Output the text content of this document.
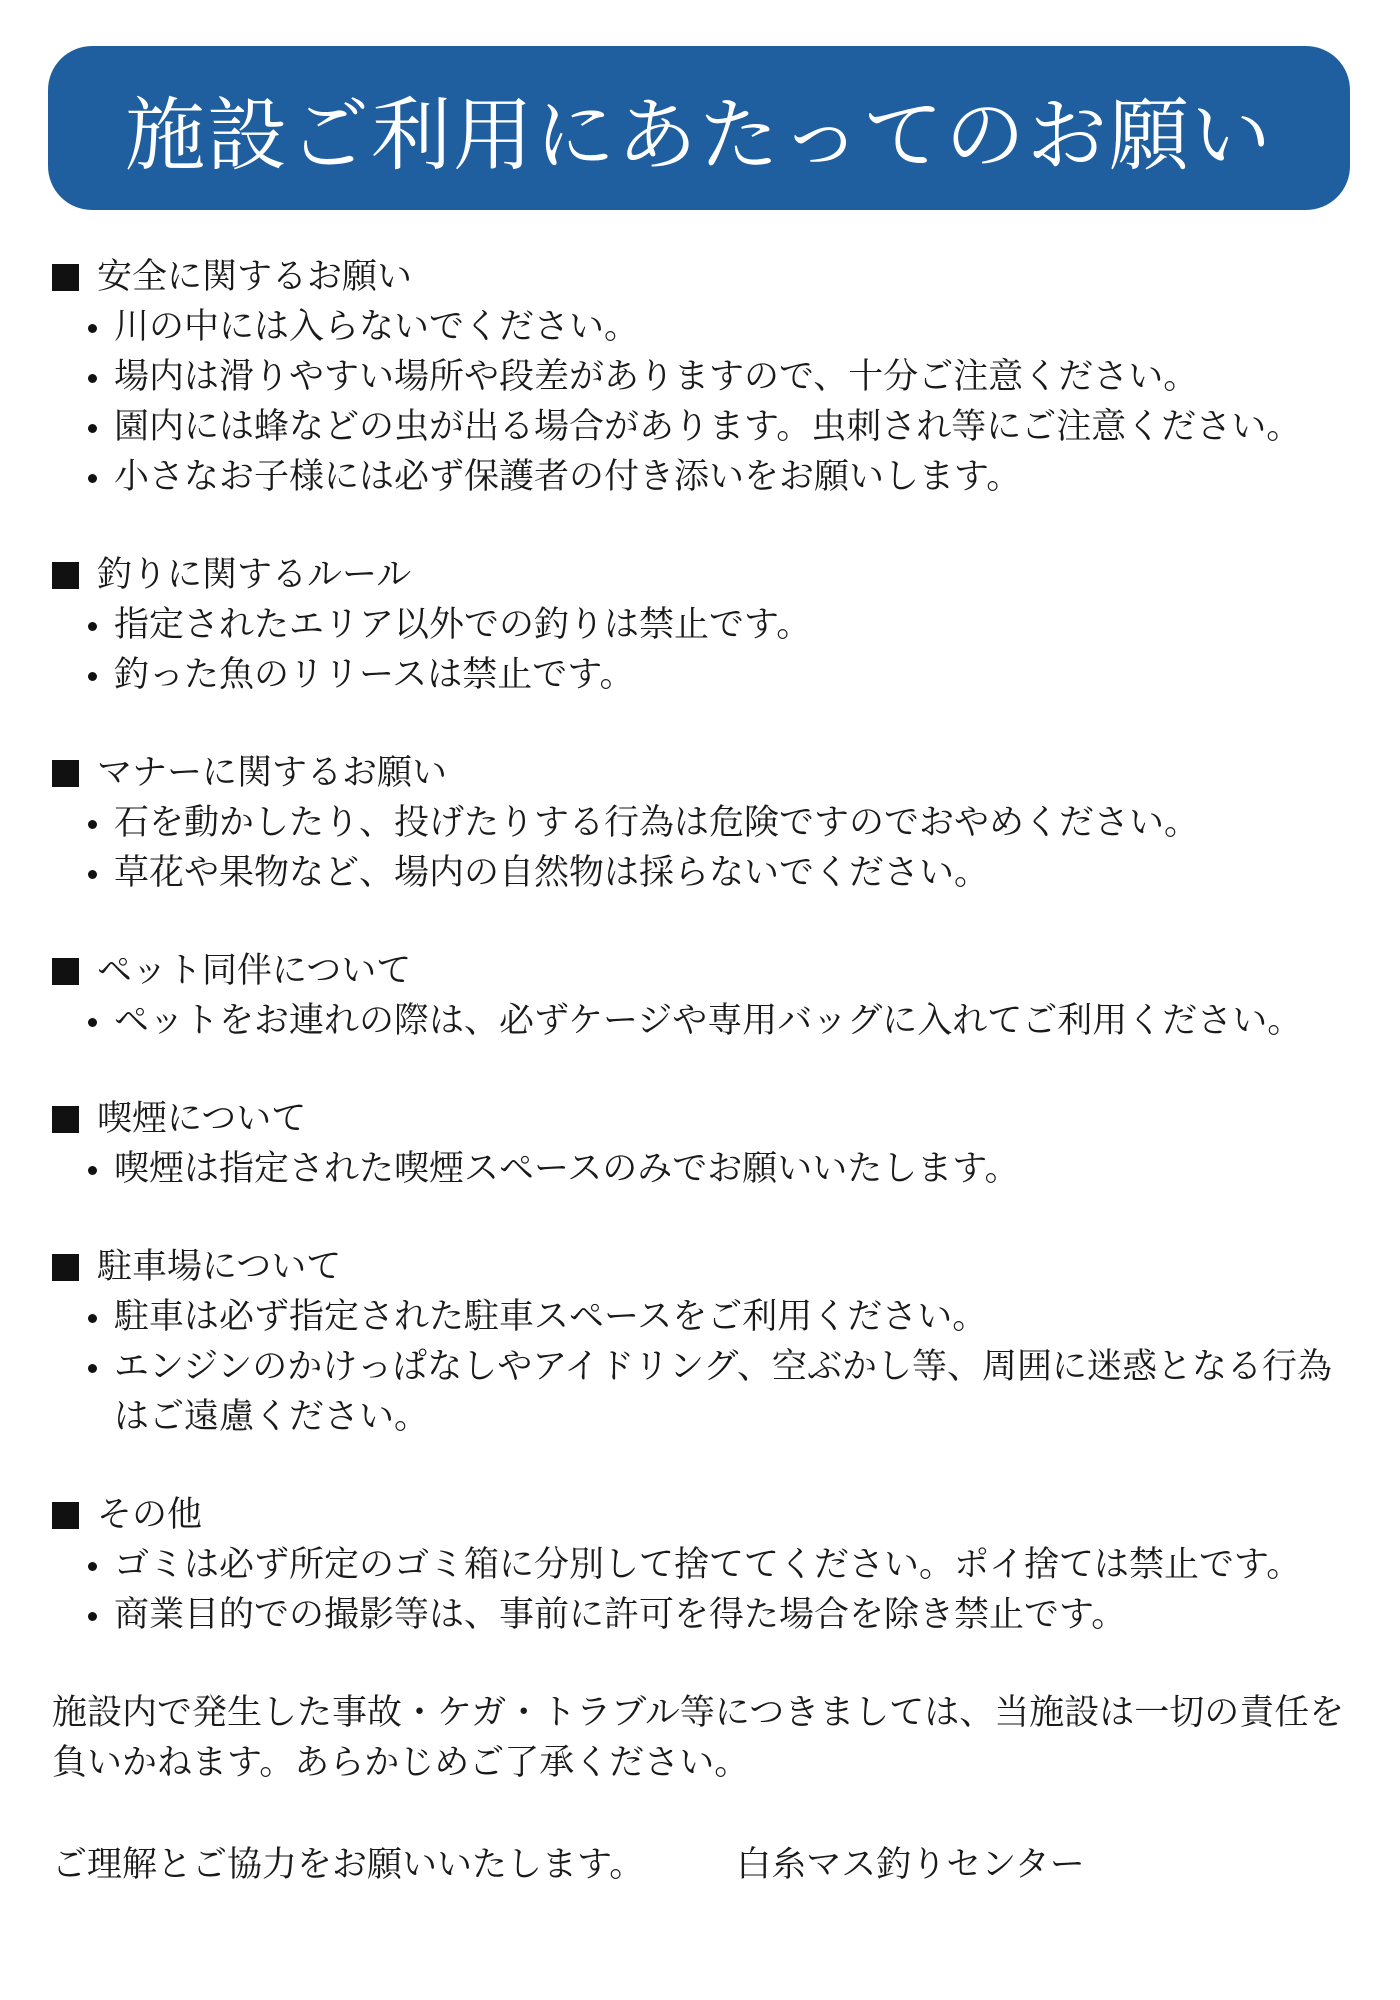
施設ご利用にあたってのお願い
安全に関するお願い
川の中には入らないでください。
場内は滑りやすい場所や段差がありますので、十分ご注意ください。
園内には蜂などの虫が出る場合があります。虫刺され等にご注意ください。
小さなお子様には必ず保護者の付き添いをお願いします。
釣りに関するルール
指定されたエリア以外での釣りは禁止です。
釣った魚のリリースは禁止です。
マナーに関するお願い
石を動かしたり、投げたりする行為は危険ですのでおやめください。
草花や果物など、場内の自然物は採らないでください。
ペット同伴について
ペットをお連れの際は、必ずケージや専用バッグに入れてご利用ください。
喫煙について
喫煙は指定された喫煙スペースのみでお願いいたします。
駐車場について
駐車は必ず指定された駐車スペースをご利用ください。
エンジンのかけっぱなしやアイドリング、空ぶかし等、周囲に迷惑となる行為はご遠慮ください。
その他
ゴミは必ず所定のゴミ箱に分別して捨ててください。ポイ捨ては禁止です。
商業目的での撮影等は、事前に許可を得た場合を除き禁止です。
施設内で発生した事故・ケガ・トラブル等につきましては、当施設は一切の責任を負いかねます。あらかじめご了承ください。
ご理解とご協力をお願いいたします。	白糸マス釣りセンター
